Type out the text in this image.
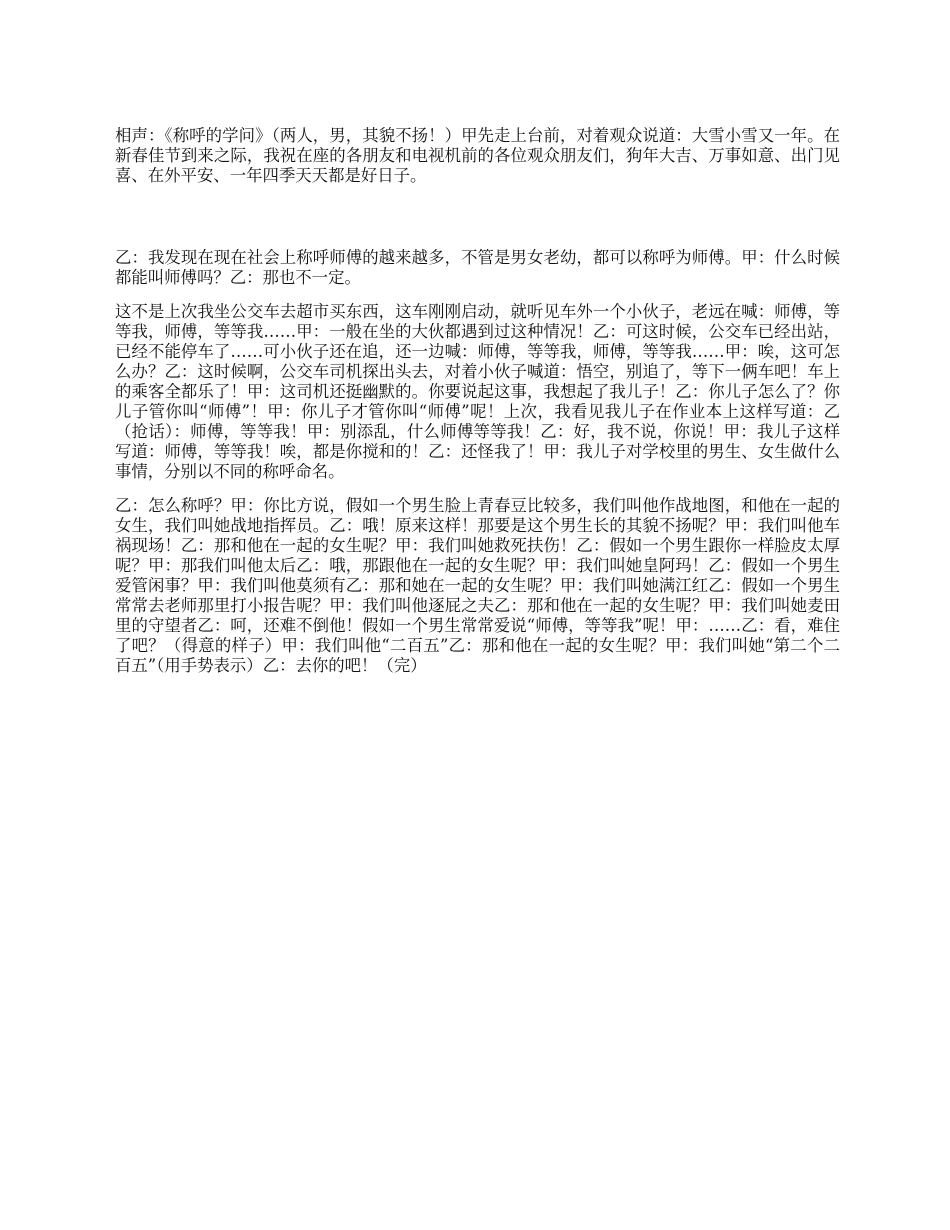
相声：《称呼的学问》（两人，男，其貌不扬！）甲先走上台前，对着观众说道：大雪小雪又一年。在新春佳节到来之际，我祝在座的各朋友和电视机前的各位观众朋友们，狗年大吉、万事如意、出门见喜、在外平安、一年四季天天都是好日子。

乙：我发现在现在社会上称呼师傅的越来越多，不管是男女老幼，都可以称呼为师傅。甲：什么时候都能叫师傅吗？乙：那也不一定。

这不是上次我坐公交车去超市买东西，这车刚刚启动，就听见车外一个小伙子，老远在喊：师傅，等等我，师傅，等等我……甲：一般在坐的大伙都遇到过这种情况！乙：可这时候，公交车已经出站，已经不能停车了……可小伙子还在追，还一边喊：师傅，等等我，师傅，等等我……甲：唉，这可怎么办？乙：这时候啊，公交车司机探出头去，对着小伙子喊道：悟空，别追了，等下一俩车吧！车上的乘客全都乐了！甲：这司机还挺幽默的。你要说起这事，我想起了我儿子！乙：你儿子怎么了？你儿子管你叫“师傅”！甲：你儿子才管你叫“师傅”呢！上次，我看见我儿子在作业本上这样写道：乙（抢话）：师傅，等等我！甲：别添乱，什么师傅等等我！乙：好，我不说，你说！甲：我儿子这样写道：师傅，等等我！唉，都是你搅和的！乙：还怪我了！甲：我儿子对学校里的男生、女生做什么事情，分别以不同的称呼命名。

乙：怎么称呼？甲：你比方说，假如一个男生脸上青春豆比较多，我们叫他作战地图，和他在一起的女生，我们叫她战地指挥员。乙：哦！原来这样！那要是这个男生长的其貌不扬呢？甲：我们叫他车祸现场！乙：那和他在一起的女生呢？甲：我们叫她救死扶伤！乙：假如一个男生跟你一样脸皮太厚呢？甲：那我们叫他太后乙：哦，那跟他在一起的女生呢？甲：我们叫她皇阿玛！乙：假如一个男生爱管闲事？甲：我们叫他莫须有乙：那和她在一起的女生呢？甲：我们叫她满江红乙：假如一个男生常常去老师那里打小报告呢？甲：我们叫他逐屁之夫乙：那和他在一起的女生呢？甲：我们叫她麦田里的守望者乙：呵，还难不倒他！假如一个男生常常爱说“师傅，等等我”呢！甲：……乙：看，难住了吧？（得意的样子）甲：我们叫他“二百五”乙：那和他在一起的女生呢？甲：我们叫她“第二个二百五”（用手势表示）乙：去你的吧！（完）
